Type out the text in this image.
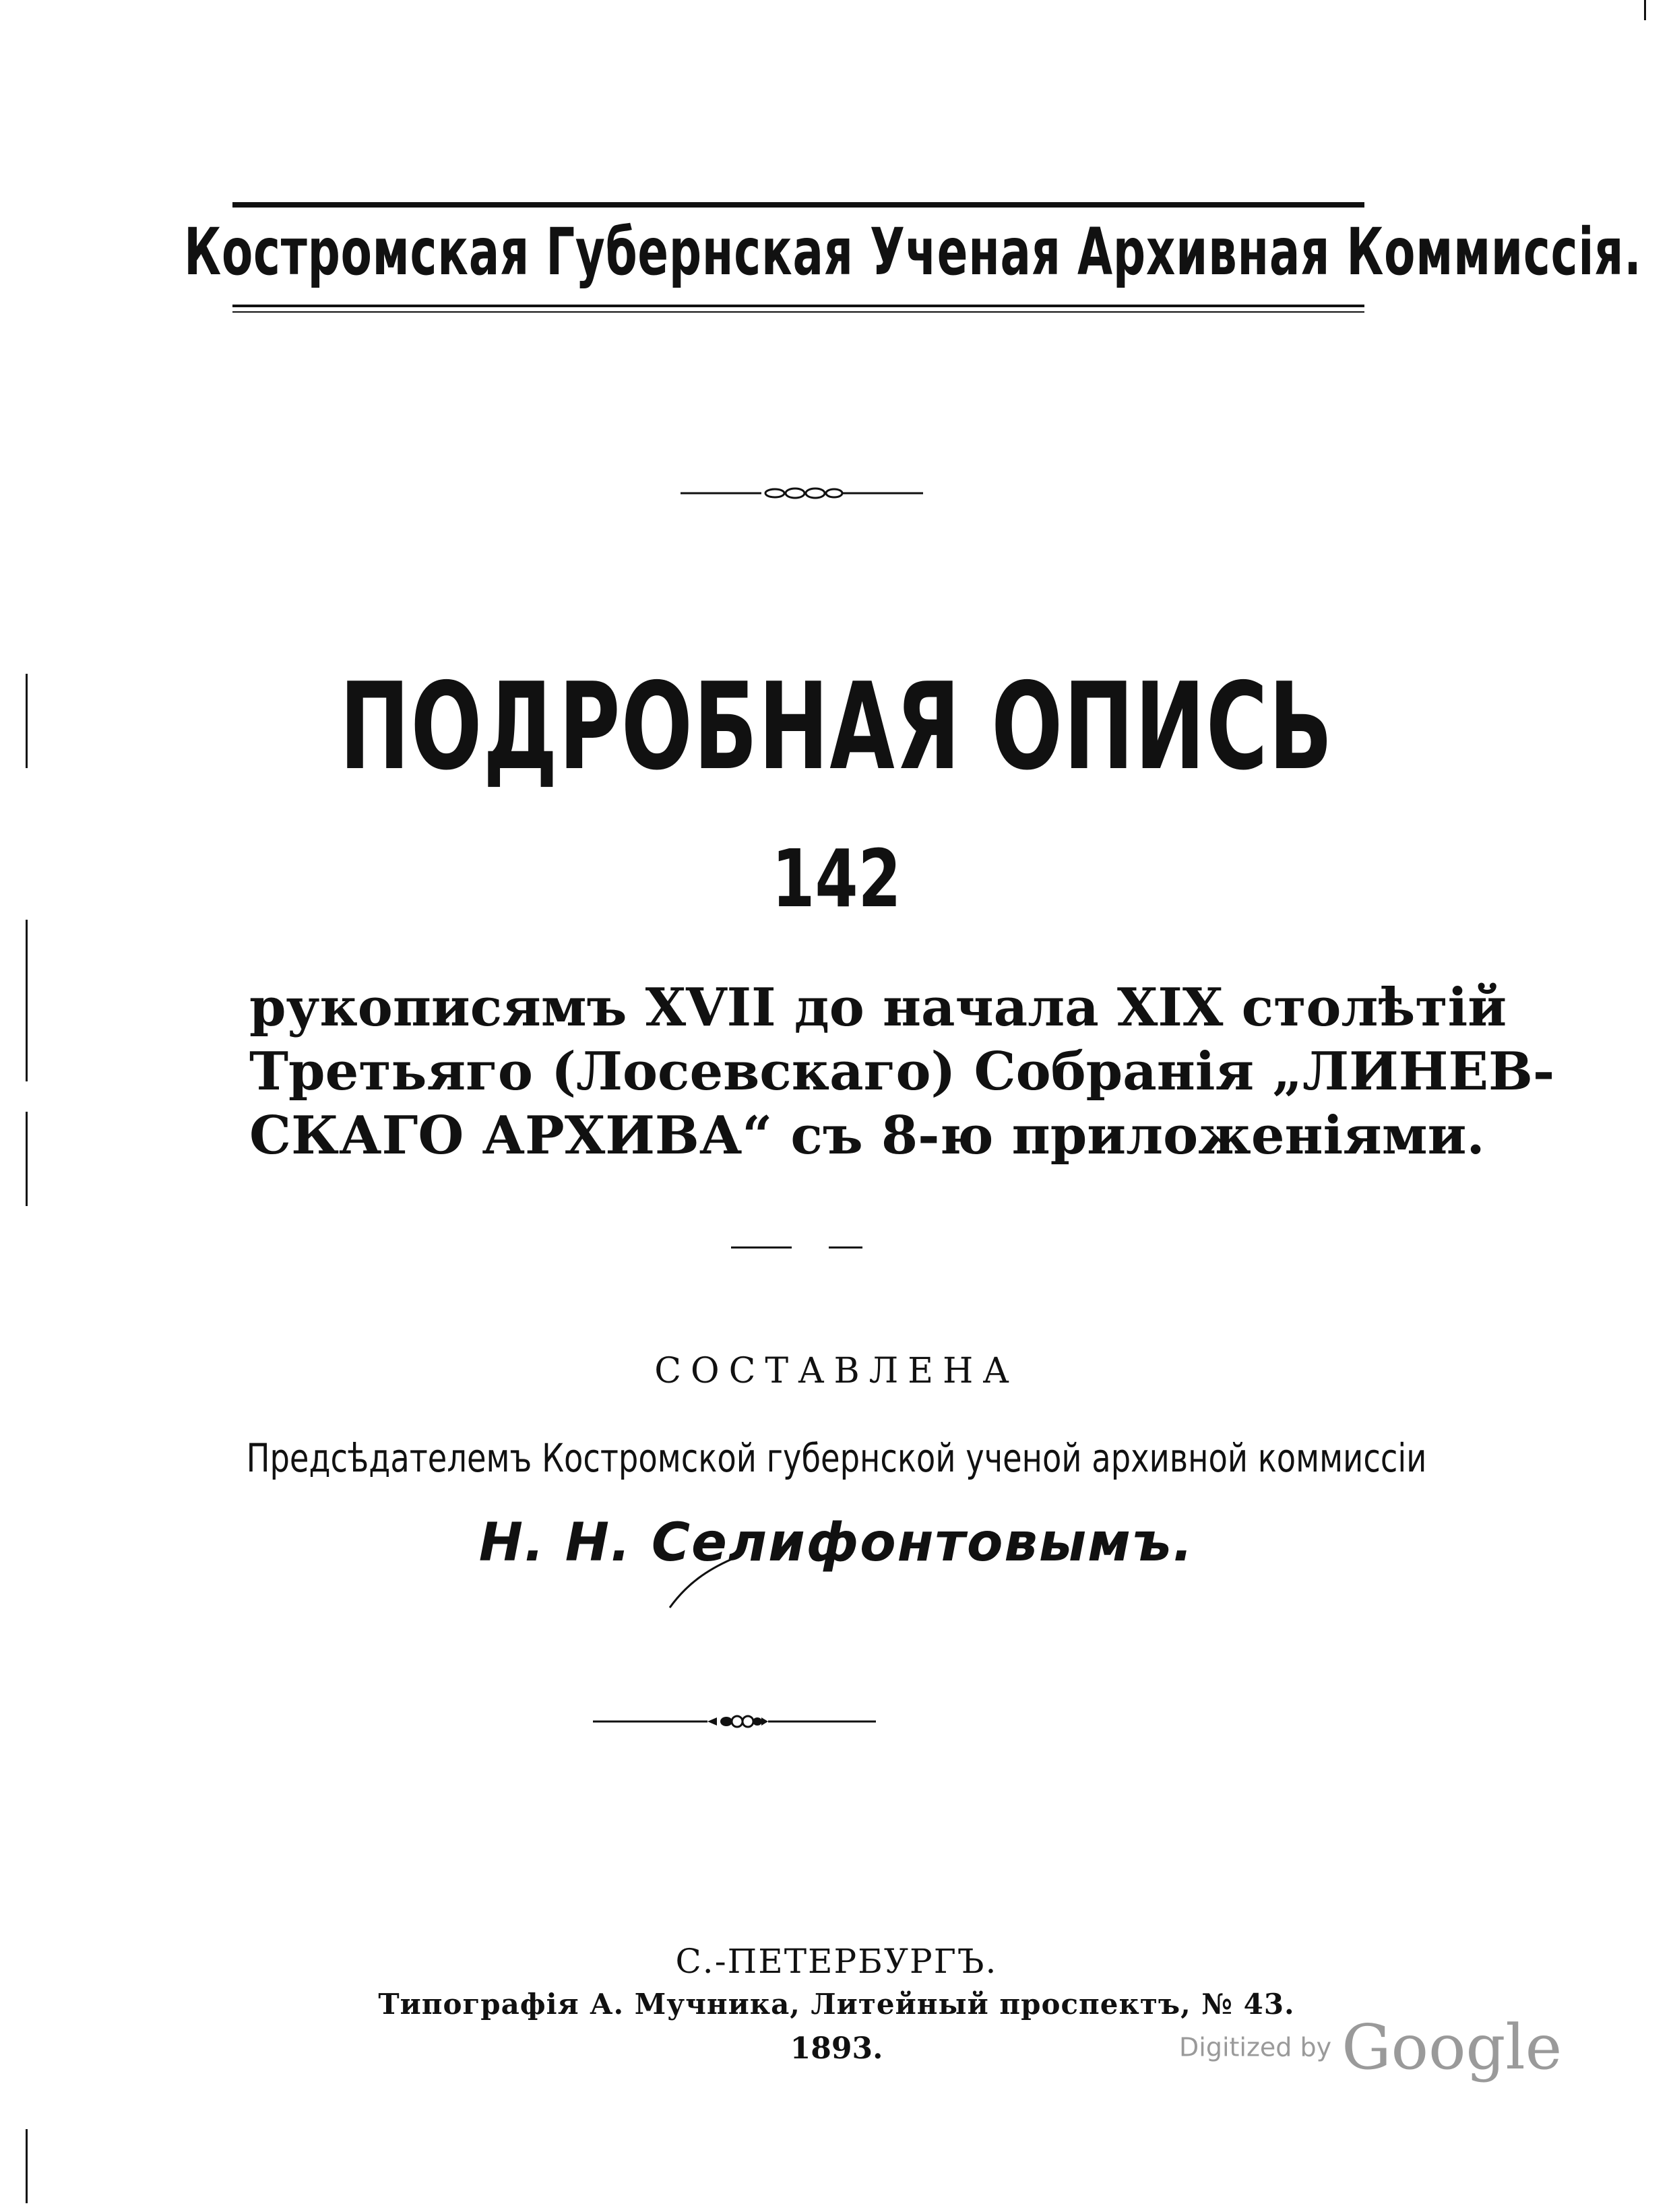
Костромская Губернская Ученая Архивная Коммиссія.
ПОДРОБНАЯ ОПИСЬ
142
рукописямъ XVII до начала XIX столѣтій
Третьяго (Лосевскаго) Собранія „ЛИНЕВ-
СКАГО АРХИВА“ съ 8-ю приложеніями.
СОСТАВЛЕНА
Предсѣдателемъ Костромской губернской ученой архивной коммиссіи
Н. Н. Селифонтовымъ.
С.-ПЕТЕРБУРГЪ.
Типографія А. Мучника, Литейный проспектъ, № 43.
1893.	Digitized by Google
